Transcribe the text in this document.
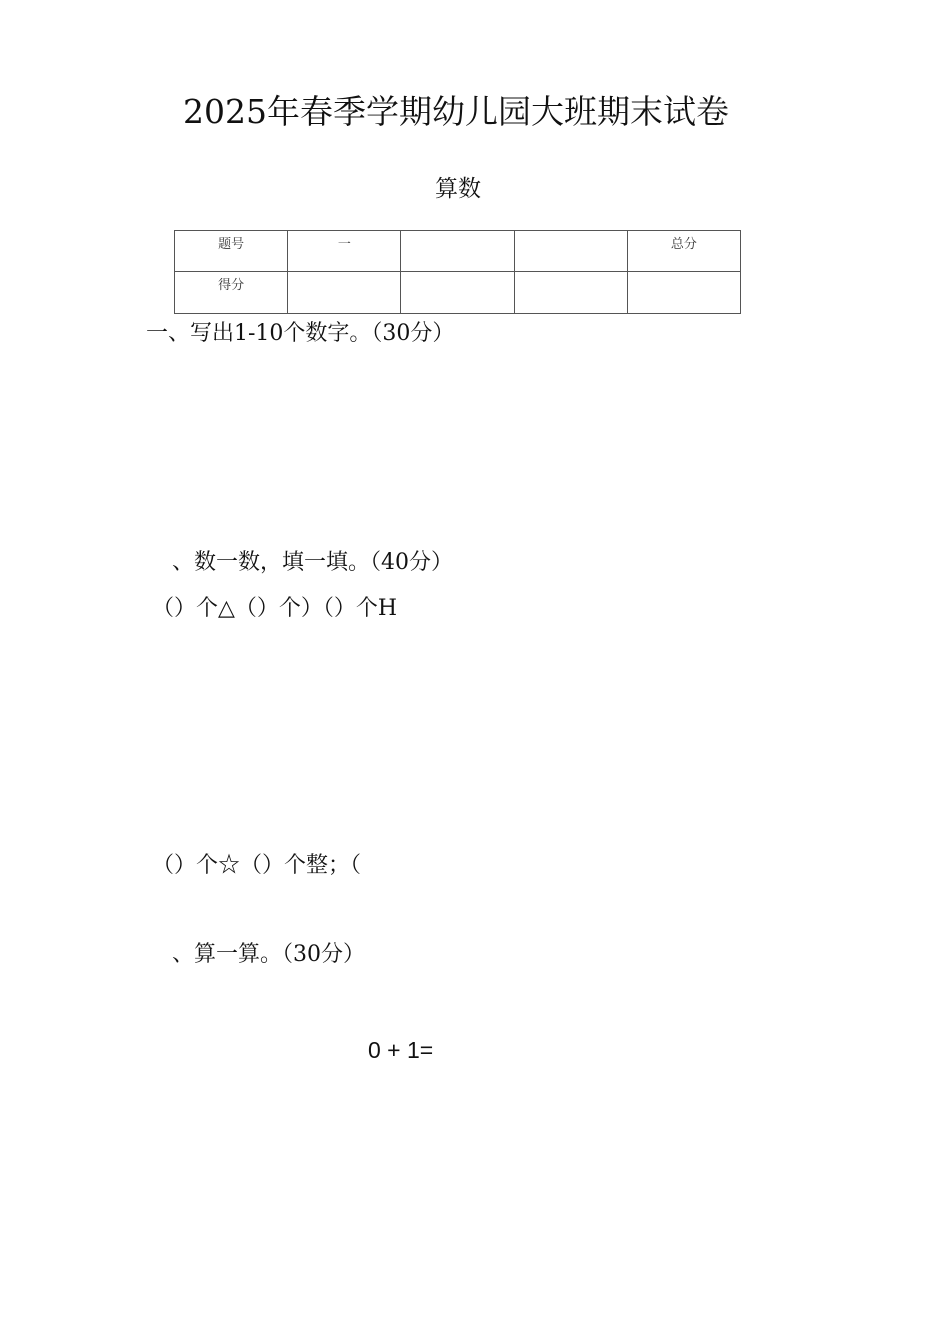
2025年春季学期幼儿园大班期末试卷
算数
题号	一			总分
得分				
一、写出1-10个数字。（30分）
、数一数，填一填。（40分）
（）个△（）个）（）个H
（）个☆（）个整；（
、算一算。（30分）
0 + 1=
